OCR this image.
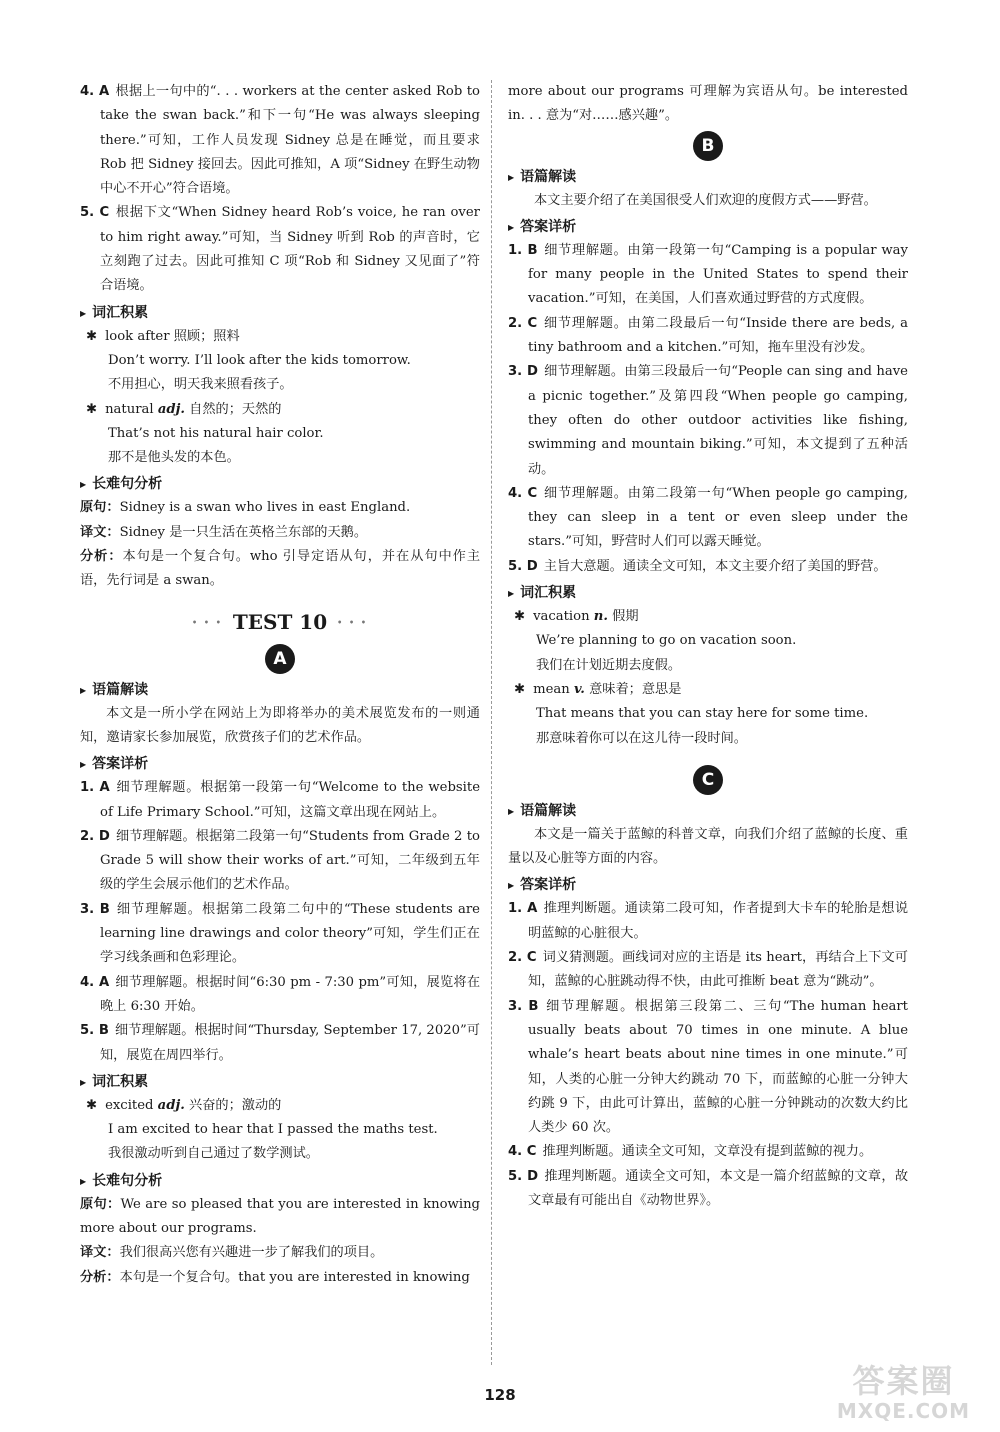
4. A 根据上一句中的“. . . workers at the center asked Rob to take the swan back.”和下一句“He was always sleeping there.”可知，工作人员发现 Sidney 总是在睡觉，而且要求 Rob 把 Sidney 接回去。因此可推知，A 项“Sidney 在野生动物中心不开心”符合语境。

5. C 根据下文“When Sidney heard Rob’s voice, he ran over to him right away.”可知，当 Sidney 听到 Rob 的声音时，它立刻跑了过去。因此可推知 C 项“Rob 和 Sidney 又见面了”符合语境。

▶ 词汇积累

✱ look after 照顾；照料

Don’t worry. I’ll look after the kids tomorrow.

不用担心，明天我来照看孩子。

✱ natural adj. 自然的；天然的

That’s not his natural hair color.

那不是他头发的本色。

▶ 长难句分析

原句：Sidney is a swan who lives in east England.

译文：Sidney 是一只生活在英格兰东部的天鹅。

分析：本句是一个复合句。who 引导定语从句，并在从句中作主语，先行词是 a swan。

• • • TEST 10 • • •
A
▶ 语篇解读

本文是一所小学在网站上为即将举办的美术展览发布的一则通知，邀请家长参加展览，欣赏孩子们的艺术作品。

▶ 答案详析

1. A 细节理解题。根据第一段第一句“Welcome to the website of Life Primary School.”可知，这篇文章出现在网站上。

2. D 细节理解题。根据第二段第一句“Students from Grade 2 to Grade 5 will show their works of art.”可知，二年级到五年级的学生会展示他们的艺术作品。

3. B 细节理解题。根据第二段第二句中的“These students are learning line drawings and color theory”可知，学生们正在学习线条画和色彩理论。

4. A 细节理解题。根据时间“6:30 pm - 7:30 pm”可知，展览将在晚上 6:30 开始。

5. B 细节理解题。根据时间“Thursday, September 17, 2020”可知，展览在周四举行。

▶ 词汇积累

✱ excited adj. 兴奋的；激动的

I am excited to hear that I passed the maths test.

我很激动听到自己通过了数学测试。

▶ 长难句分析

原句：We are so pleased that you are interested in knowing more about our programs.

译文：我们很高兴您有兴趣进一步了解我们的项目。

分析：本句是一个复合句。that you are interested in knowing

more about our programs 可理解为宾语从句。be interested in. . . 意为“对……感兴趣”。

B
▶ 语篇解读

本文主要介绍了在美国很受人们欢迎的度假方式——野营。

▶ 答案详析

1. B 细节理解题。由第一段第一句“Camping is a popular way for many people in the United States to spend their vacation.”可知，在美国，人们喜欢通过野营的方式度假。

2. C 细节理解题。由第二段最后一句“Inside there are beds, a tiny bathroom and a kitchen.”可知，拖车里没有沙发。

3. D 细节理解题。由第三段最后一句“People can sing and have a picnic together.”及第四段“When people go camping, they often do other outdoor activities like fishing, swimming and mountain biking.”可知，本文提到了五种活动。

4. C 细节理解题。由第二段第一句“When people go camping, they can sleep in a tent or even sleep under the stars.”可知，野营时人们可以露天睡觉。

5. D 主旨大意题。通读全文可知，本文主要介绍了美国的野营。

▶ 词汇积累

✱ vacation n. 假期

We’re planning to go on vacation soon.

我们在计划近期去度假。

✱ mean v. 意味着；意思是

That means that you can stay here for some time.

那意味着你可以在这儿待一段时间。

C
▶ 语篇解读

本文是一篇关于蓝鲸的科普文章，向我们介绍了蓝鲸的长度、重量以及心脏等方面的内容。

▶ 答案详析

1. A 推理判断题。通读第二段可知，作者提到大卡车的轮胎是想说明蓝鲸的心脏很大。

2. C 词义猜测题。画线词对应的主语是 its heart，再结合上下文可知，蓝鲸的心脏跳动得不快，由此可推断 beat 意为“跳动”。

3. B 细节理解题。根据第三段第二、三句“The human heart usually beats about 70 times in one minute. A blue whale’s heart beats about nine times in one minute.”可知，人类的心脏一分钟大约跳动 70 下，而蓝鲸的心脏一分钟大约跳 9 下，由此可计算出，蓝鲸的心脏一分钟跳动的次数大约比人类少 60 次。

4. C 推理判断题。通读全文可知，文章没有提到蓝鲸的视力。

5. D 推理判断题。通读全文可知，本文是一篇介绍蓝鲸的文章，故文章最有可能出自《动物世界》。

128	答案圈
MXQE.COM
